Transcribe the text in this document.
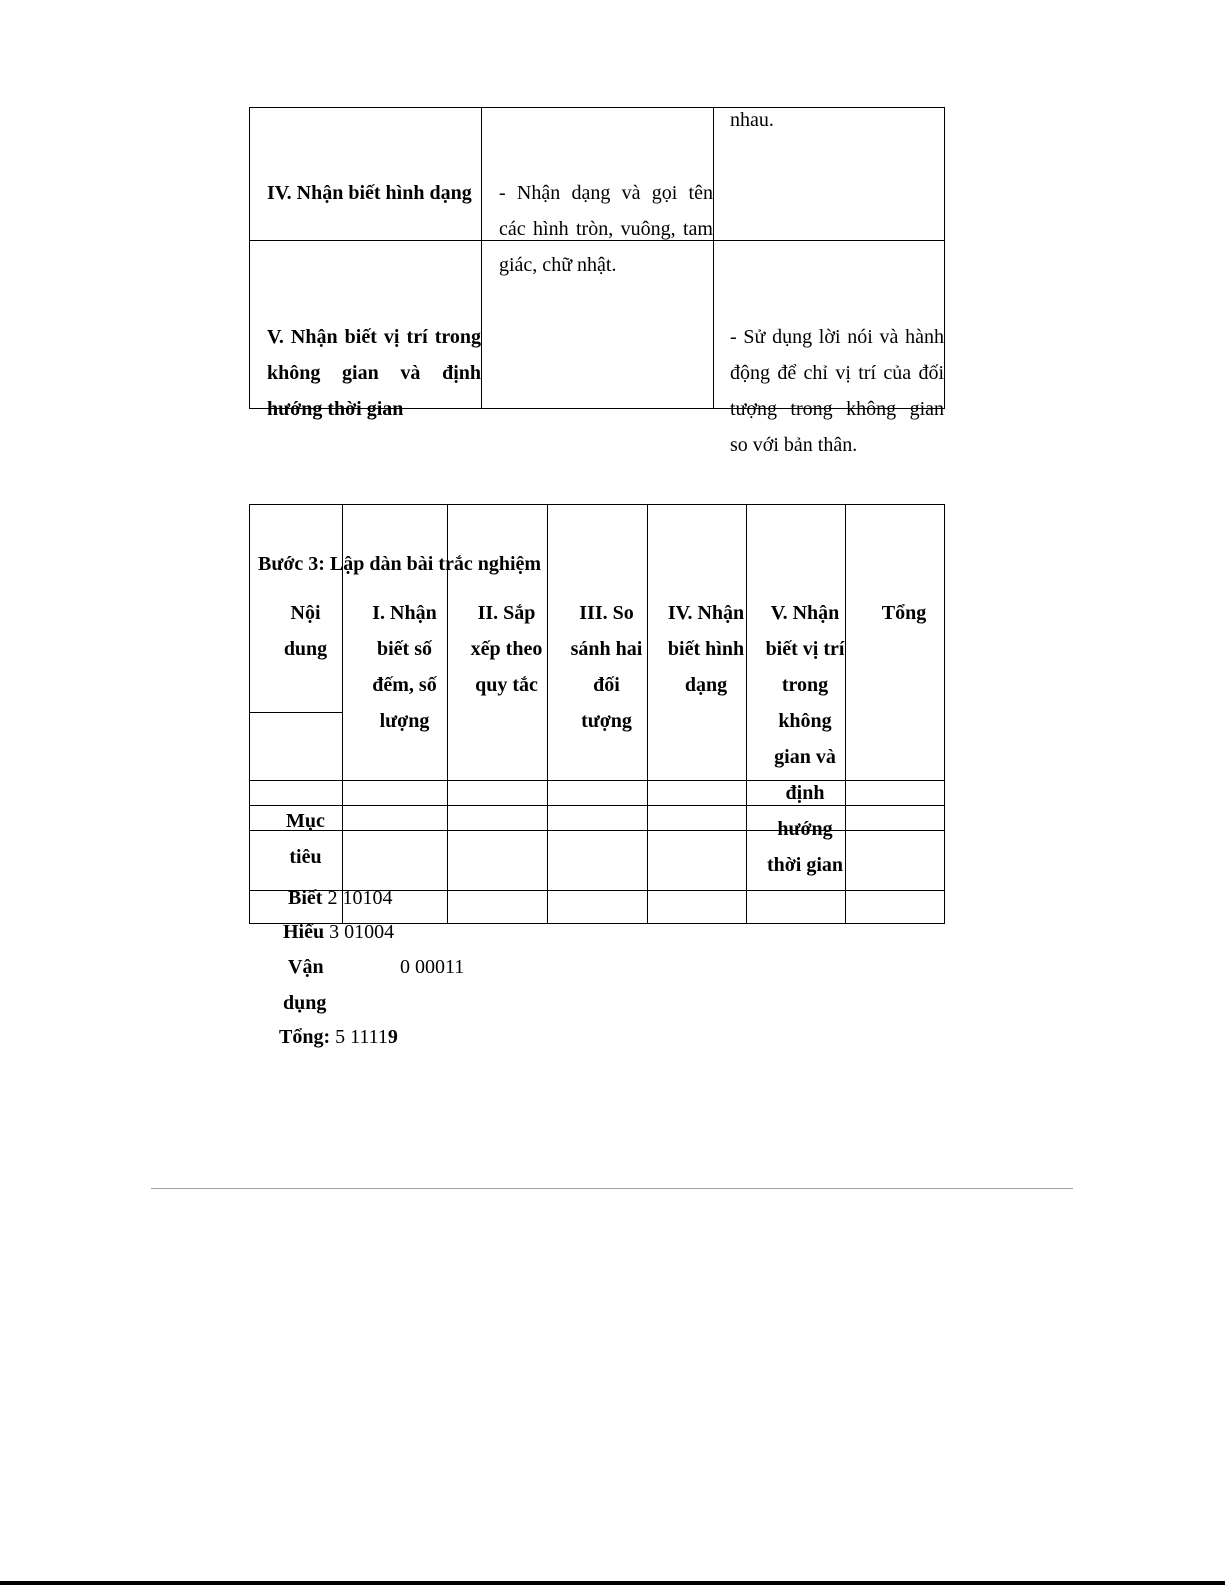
nhau.
IV. Nhận biết hình dạng - Nhận dạng và gọi tên
các hình tròn, vuông, tam
giác, chữ nhật.
V. Nhận biết vị trí trong
không gian và định
hướng thời gian
- Sử dụng lời nói và hành
động để chỉ vị trí của đối
tượng trong không gian
so với bản thân.
Bước 3: Lập dàn bài trắc nghiệm
Nội
dung
I. Nhận
biết số
đếm, số
lượng
II. Sắp
xếp theo
quy tắc
III. So
sánh hai
đối
tượng
IV. Nhận
biết hình
dạng
V. Nhận
biết vị trí
trong
không
gian và
định
hướng
thời gian
Tổng
Mục
tiêu
Biết 2 10104
Hiểu 3 01004
Vận
dụng
0 00011
Tổng: 5 11119
